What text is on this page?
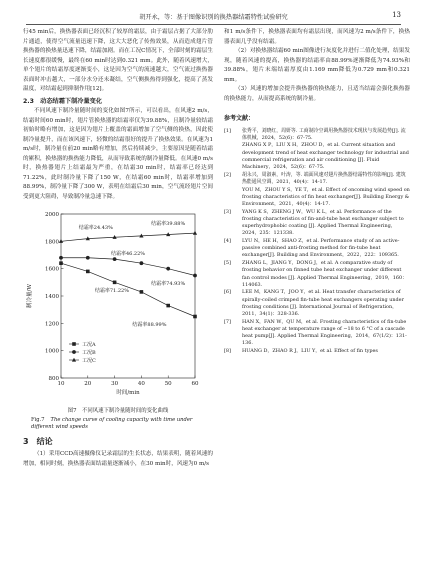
胡开永，等：基于图像识别的换热器结霜特性试验研究	13

行45 min后，换热器表面已经沉积了较厚的霜层，由于霜层占据了大部分肋片通道，使得空气流量迅速下降，这大大恶化了传热效果，从而造成翅片管换热器的换热量迅速下降，结霜加剧。而在工况C情况下，全部时刻的霜层生长速度都很缓慢，最终在60 min时达到0.321 mm。此外，随着风速增大，单个翅片的结霜厚度逐渐变小，这是因为空气的流速越大，空气流过换热器表面时冲击越大，一部分水分还未凝结，空气侧换热得到强化，提高了蒸发温度，对结霜起到抑制作用[12]。

2.3　动态结霜下制冷量变化

不同风速下制冷量随时间的变化如图7所示，可以看出，在风速2 m/s，结霜时间60 min时，翅片管换热器的结霜率仅为39.88%，且制冷量较结霜初始时略有增加，这是因为翅片上覆盖的霜面增加了空气侧的换热，因此使制冷量提升，而在该风速下，轻微的结霜很好的提升了换热效果。在风速为1 m/s时，制冷量在前20 min略有增加，然后持续减少，主要原因是随着结霜的累积，换热器的换热能力降低，从而导致系统的制冷量降低。在风速0 m/s时，换热器翅片上结霜最为严重，在结霜30 min时，结霜率已经达到71.22%，此时制冷量下降了150 W，在结霜60 min时，结霜率增加到88.99%，制冷量下降了300 W，表明在结霜后30 min，空气流经翅片空间受到更大阻碍，导致制冷量急速下降。

10	20	30	40	50	60
800
1000
1200
1400
1600
1800
2000
时间/min
制冷量/W
结霜率24.43%
结霜率39.88%
结霜率46.22%
结霜率71.22%
结霜率74.93%
结霜率88.99%
工况A
工况B
工况C
图7　不同风速下制冷量随时间的变化曲线
Fig.7 The change curve of cooling capacity with time under different wind speeds
3　结论

（1）采用CCD高速摄像仪记录霜层的生长状态，结果表明，随着风速的增加，相同时刻，换热器表面结霜量逐渐减小，在30 min时，风速为0 m/s

和1 m/s条件下，换热器表面均有霜层出现，而风速为2 m/s条件下，换热器表面几乎没有结霜。

（2）对换热器结霜60 min图像进行灰度化并进行二值化处理，结果发现，随着风速的提高，换热器的结霜率由88.99%逐渐降低为74.93%和39.88%，翅片末端结霜厚度由1.169 mm降低为0.729 mm和0.321 mm。

（3）风速的增加会提升换热器的换热能力，且适当结霜会强化换热器的换热能力，从而提高系统的制冷量。

参考文献：
[1] 张秀平，刘晓红，周妍等. 工商制冷空调用换热器技术现状与发展趋势[J]. 流体机械，2024，52(6)：67-75.
ZHANG X P，LIU X H，ZHOU D，et al. Current situation and development trend of heat exchanger technology for industrial and commercial refrigeration and air conditioning [J]. Fluid Machinery，2024，52(6)：67-75.
[2] 胡永兴，周淑素，叶涛，等. 端面风速对翅片换热器结霜特性的影响[J]. 建筑热能通风空调，2021，40(4)：14-17.
YOU M，ZHOU Y S，YE T，et al. Effect of oncoming wind speed on frosting characteristics of fin heat exchanger[J]. Building Energy & Environment，2021，40(4)：14-17.
[3] YANG K S，ZHENG J W，WU K L，et al. Performance of the frosting characteristics of fin-and-tube heat exchanger subject to superhydrophobic coating [J]. Applied Thermal Engineering，2024，235：121338.
[4] LYU N，HE H，SHAO Z，et al. Performance study of an active-passive combined anti-frosting method for fin-tube heat exchanger[J]. Building and Environment，2022，222：109365.
[5] ZHANG L，JIANG Y，DONG J，et al. A comparative study of frosting behavior on finned tube heat exchanger under different fan control modes [J]. Applied Thermal Engineering，2019，160：114063.
[6] LEE M，KANG T，JOO Y，et al. Heat transfer characteristics of spirally-coiled crimped fin-tube heat exchangers operating under frosting conditions [J]. International Journal of Refrigeration，2011，34(1)：328-336.
[7] HAN X，FAN W，QU M，et al. Frosting characteristics of fin-tube heat exchanger at temperature range of −18 to 6 °C of a cascade heat pump[J]. Applied Thermal Engineering，2014，67(1/2)：131-136.
[8] HUANG D，ZHAO R J，LIU Y，et al. Effect of fin types
